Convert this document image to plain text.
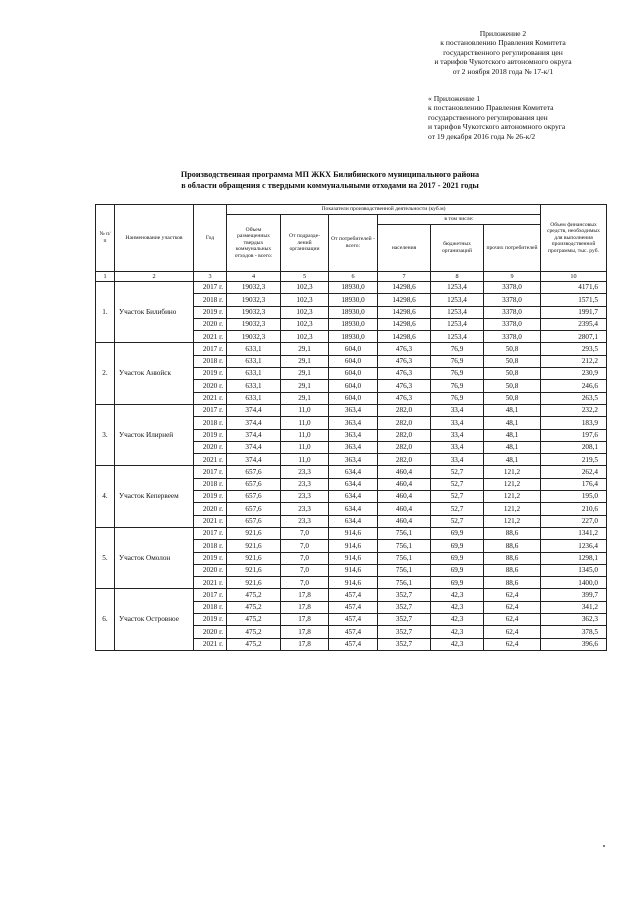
Приложение 2
к постановлению Правления Комитета
государственного регулирования цен
и тарифов Чукотского автономного округа
от 2 ноября 2018 года № 17-к/1
« Приложение 1
к постановлению Правления Комитета
государственного регулирования цен
и тарифов Чукотского автономного округа
от 19 декабря 2016 года № 26-к/2
Производственная программа МП ЖКХ Билибинского муниципального района
в области обращения с твердыми коммунальными отходами на 2017 - 2021 годы
№ п/п	Наименование участков	Год	Показатели производственной деятельности (куб.м)						Объем финансовых средств, необходимых для выполнения производственной программы, тыс. руб.
			Объем размещенных твердых коммунальных отходов - всего:	От подразде-лений организации	От потребителей - всего:	в том числе:			
						населения	бюджетных организаций	прочих потребителей	
1	2	3	4	5	6	7	8	9	10
1.	Участок Билибино	2017 г.	19032,3	102,3	18930,0	14298,6	1253,4	3378,0	4171,6
		2018 г.	19032,3	102,3	18930,0	14298,6	1253,4	3378,0	1571,5
		2019 г.	19032,3	102,3	18930,0	14298,6	1253,4	3378,0	1991,7
		2020 г.	19032,3	102,3	18930,0	14298,6	1253,4	3378,0	2395,4
		2021 г.	19032,3	102,3	18930,0	14298,6	1253,4	3378,0	2807,1
2.	Участок Анюйск	2017 г.	633,1	29,1	604,0	476,3	76,9	50,8	293,5
		2018 г.	633,1	29,1	604,0	476,3	76,9	50,8	212,2
		2019 г.	633,1	29,1	604,0	476,3	76,9	50,8	230,9
		2020 г.	633,1	29,1	604,0	476,3	76,9	50,8	246,6
		2021 г.	633,1	29,1	604,0	476,3	76,9	50,8	263,5
3.	Участок Илирней	2017 г.	374,4	11,0	363,4	282,0	33,4	48,1	232,2
		2018 г.	374,4	11,0	363,4	282,0	33,4	48,1	183,9
		2019 г.	374,4	11,0	363,4	282,0	33,4	48,1	197,6
		2020 г.	374,4	11,0	363,4	282,0	33,4	48,1	208,1
		2021 г.	374,4	11,0	363,4	282,0	33,4	48,1	219,5
4.	Участок Кепервеем	2017 г.	657,6	23,3	634,4	460,4	52,7	121,2	262,4
		2018 г.	657,6	23,3	634,4	460,4	52,7	121,2	176,4
		2019 г.	657,6	23,3	634,4	460,4	52,7	121,2	195,0
		2020 г.	657,6	23,3	634,4	460,4	52,7	121,2	210,6
		2021 г.	657,6	23,3	634,4	460,4	52,7	121,2	227,0
5.	Участок Омолон	2017 г.	921,6	7,0	914,6	756,1	69,9	88,6	1341,2
		2018 г.	921,6	7,0	914,6	756,1	69,9	88,6	1236,4
		2019 г.	921,6	7,0	914,6	756,1	69,9	88,6	1298,1
		2020 г.	921,6	7,0	914,6	756,1	69,9	88,6	1345,0
		2021 г.	921,6	7,0	914,6	756,1	69,9	88,6	1400,0
6.	Участок Островное	2017 г.	475,2	17,8	457,4	352,7	42,3	62,4	399,7
		2018 г.	475,2	17,8	457,4	352,7	42,3	62,4	341,2
		2019 г.	475,2	17,8	457,4	352,7	42,3	62,4	362,3
		2020 г.	475,2	17,8	457,4	352,7	42,3	62,4	378,5
		2021 г.	475,2	17,8	457,4	352,7	42,3	62,4	396,6
